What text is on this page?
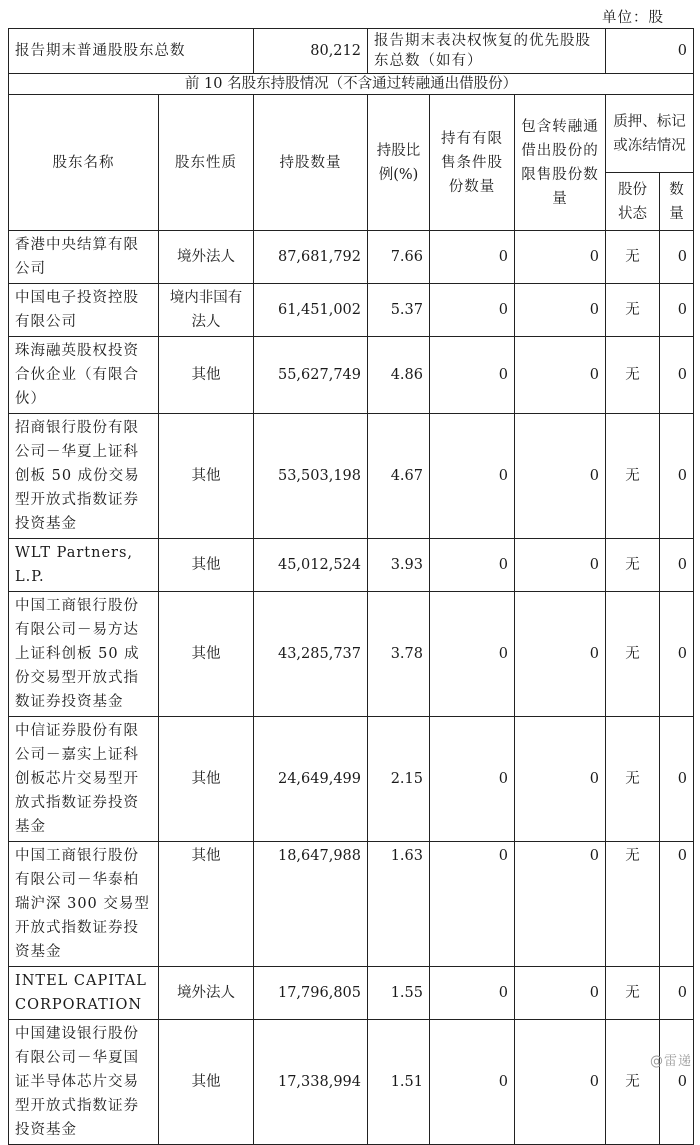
单位：股
报告期末普通股股东总数		80,212	报告期末表决权恢复的优先股股东总数（如有）			0	
前 10 名股东持股情况（不含通过转融通出借股份）							
股东名称	股东性质	持股数量	持股比例(%)	持有有限售条件股份数量	包含转融通借出股份的限售股份数量	质押、标记或冻结情况	
						股份状态	数量
香港中央结算有限公司	境外法人	87,681,792	7.66	0	0	无	0
中国电子投资控股有限公司	境内非国有法人	61,451,002	5.37	0	0	无	0
珠海融英股权投资合伙企业（有限合伙）	其他	55,627,749	4.86	0	0	无	0
招商银行股份有限公司－华夏上证科创板 50 成份交易型开放式指数证券投资基金	其他	53,503,198	4.67	0	0	无	0
WLT Partners, L.P.	其他	45,012,524	3.93	0	0	无	0
中国工商银行股份有限公司－易方达上证科创板 50 成份交易型开放式指数证券投资基金	其他	43,285,737	3.78	0	0	无	0
中信证券股份有限公司－嘉实上证科创板芯片交易型开放式指数证券投资基金	其他	24,649,499	2.15	0	0	无	0
中国工商银行股份有限公司－华泰柏瑞沪深 300 交易型开放式指数证券投资基金	其他	18,647,988	1.63	0	0	无	0
INTEL CAPITAL CORPORATION	境外法人	17,796,805	1.55	0	0	无	0
中国建设银行股份有限公司－华夏国证半导体芯片交易型开放式指数证券投资基金	其他	17,338,994	1.51	0	0	无	0
@雷递
